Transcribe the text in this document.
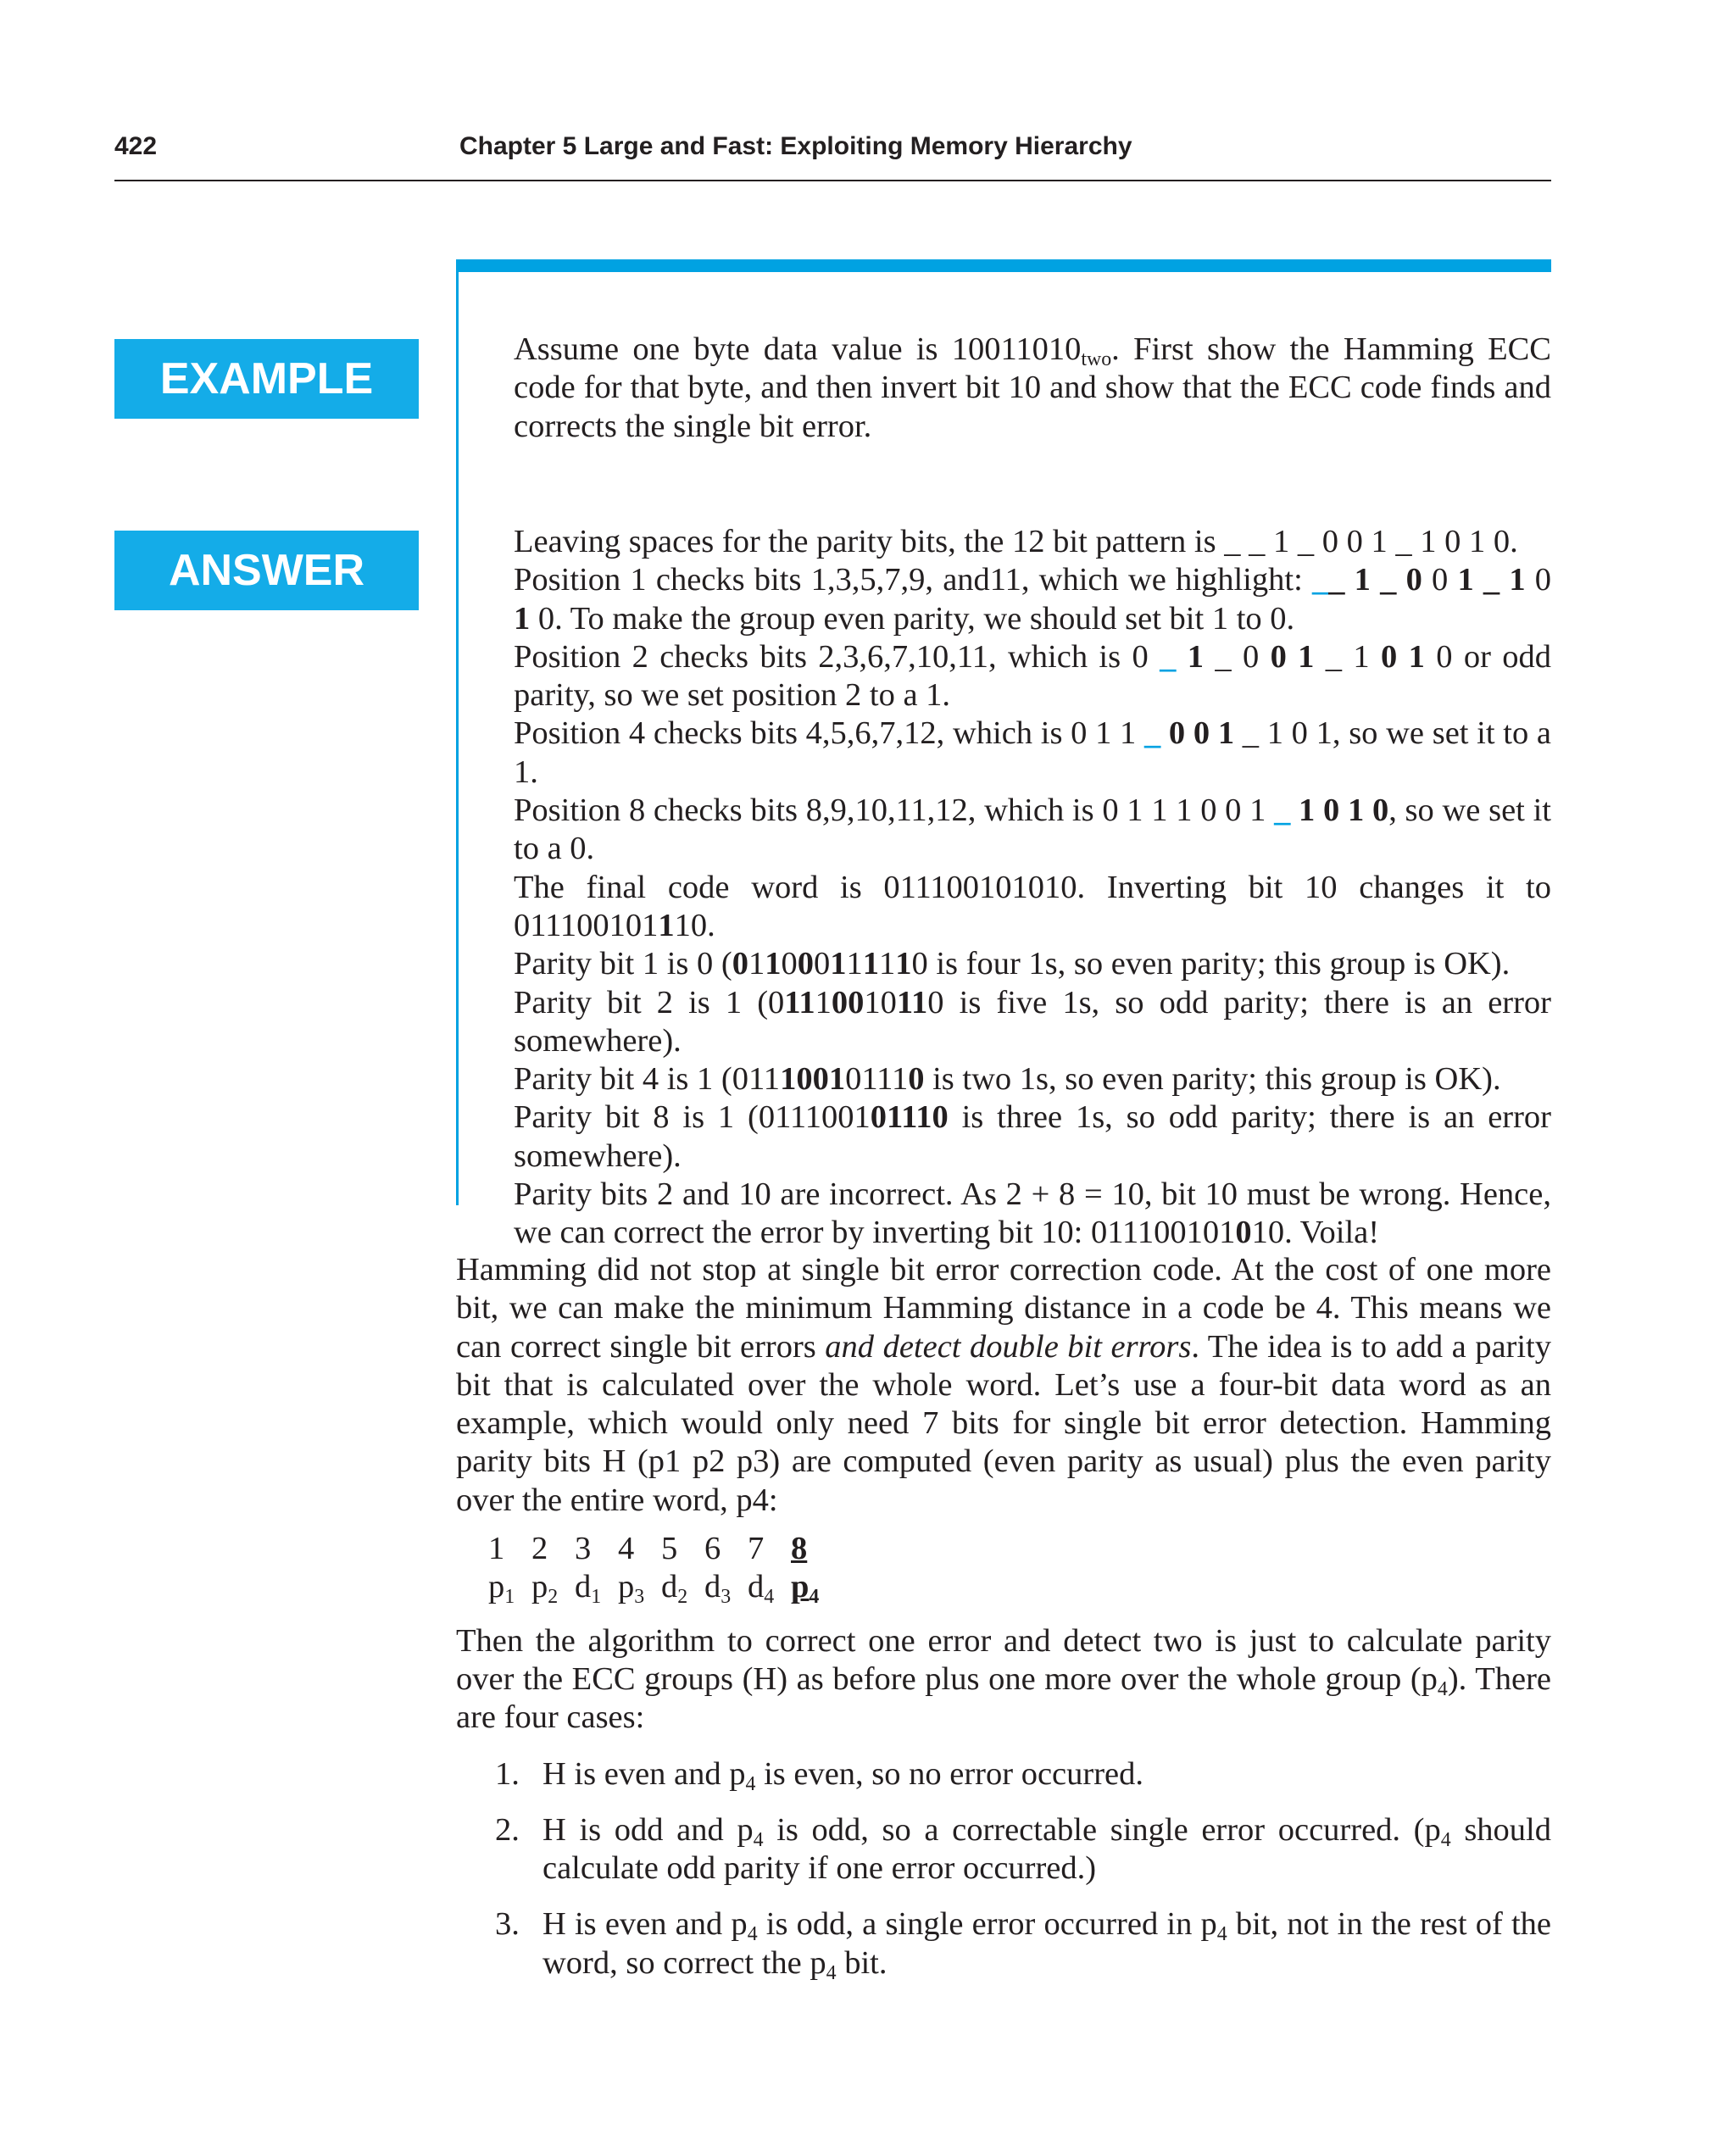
422	Chapter 5 Large and Fast: Exploiting Memory Hierarchy
EXAMPLE
ANSWER
Assume one byte data value is $10011010_{two}$. First show the Hamming ECC code for that byte, and then invert bit 10 and show that the ECC code finds and corrects the single bit error.

Leaving spaces for the parity bits, the 12 bit pattern is _ _ 1 _ 0 0 1 _ 1 0 1 0.

Position 1 checks bits 1,3,5,7,9, and11, which we highlight: __ 1 _ 0 0 1 _ 1 0 1 0. To make the group even parity, we should set bit 1 to 0.

Position 2 checks bits 2,3,6,7,10,11, which is 0 _ 1 _ 0 0 1 _ 1 0 1 0 or odd parity, so we set position 2 to a 1.

Position 4 checks bits 4,5,6,7,12, which is 0 1 1 _ 0 0 1 _ 1 0 1, so we set it to a 1.

Position 8 checks bits 8,9,10,11,12, which is 0 1 1 1 0 0 1 _ 1 0 1 0, so we set it to a 0.

The final code word is 011100101010. Inverting bit 10 changes it to 011100101110.

Parity bit 1 is 0 (011000111110 is four 1s, so even parity; this group is OK).

Parity bit 2 is 1 (01110010110 is five 1s, so odd parity; there is an error somewhere).

Parity bit 4 is 1 (011100101110 is two 1s, so even parity; this group is OK).

Parity bit 8 is 1 (011100101110 is three 1s, so odd parity; there is an error somewhere).

Parity bits 2 and 10 are incorrect. As 2 + 8 = 10, bit 10 must be wrong. Hence, we can correct the error by inverting bit 10: 011100101010. Voila!

Hamming did not stop at single bit error correction code. At the cost of one more bit, we can make the minimum Hamming distance in a code be 4. This means we can correct single bit errors and detect double bit errors. The idea is to add a parity bit that is calculated over the whole word. Let’s use a four-bit data word as an example, which would only need 7 bits for single bit error detection. Hamming parity bits H (p1 p2 p3) are computed (even parity as usual) plus the even parity over the entire word, p4:

1 2 3 4 5 6 7 8
$p_1$ $p_2$ $d_1$ $p_3$ $d_2$ $d_3$ $d_4$ $p_4$

Then the algorithm to correct one error and detect two is just to calculate parity over the ECC groups (H) as before plus one more over the whole group $(p_4)$. There are four cases:

1. H is even and $p_4$ is even, so no error occurred.
2. H is odd and $p_4$ is odd, so a correctable single error occurred. ($p_4$ should calculate odd parity if one error occurred.)
3. H is even and $p_4$ is odd, a single error occurred in $p_4$ bit, not in the rest of the word, so correct the $p_4$ bit.
